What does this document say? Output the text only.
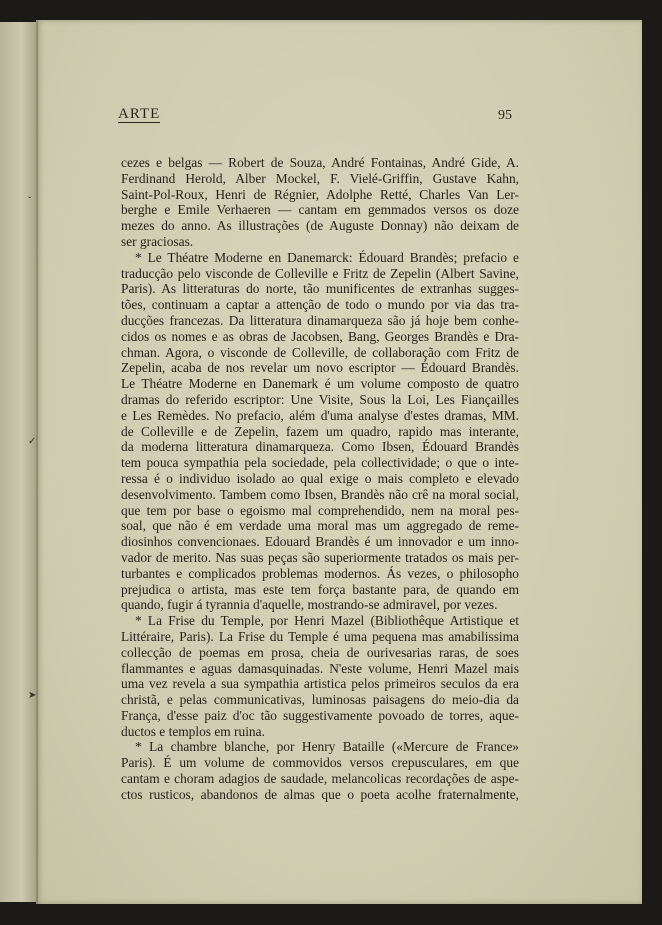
ˇ
✓
➤
ARTE	95
cezes e belgas — Robert de Souza, André Fontainas, André Gide, A.
Ferdinand Herold, Alber Mockel, F. Vielé-Griffin, Gustave Kahn,
Saint-Pol-Roux, Henri de Régnier, Adolphe Retté, Charles Van Ler-
berghe e Emile Verhaeren — cantam em gemmados versos os doze
mezes do anno. As illustrações (de Auguste Donnay) não deixam de
ser graciosas.
* Le Théatre Moderne en Danemarck: Édouard Brandès; prefacio e
traducção pelo visconde de Colleville e Fritz de Zepelin (Albert Savine,
Paris). As litteraturas do norte, tão munificentes de extranhas sugges-
tões, continuam a captar a attenção de todo o mundo por via das tra-
ducções francezas. Da litteratura dinamarqueza são já hoje bem conhe-
cidos os nomes e as obras de Jacobsen, Bang, Georges Brandès e Dra-
chman. Agora, o visconde de Colleville, de collaboração com Fritz de
Zepelin, acaba de nos revelar um novo escriptor — Édouard Brandès.
Le Théatre Moderne en Danemark é um volume composto de quatro
dramas do referido escriptor: Une Visite, Sous la Loi, Les Fiançailles
e Les Remèdes. No prefacio, além d'uma analyse d'estes dramas, MM.
de Colleville e de Zepelin, fazem um quadro, rapido mas interante,
da moderna litteratura dinamarqueza. Como Ibsen, Édouard Brandès
tem pouca sympathia pela sociedade, pela collectividade; o que o inte-
ressa é o individuo isolado ao qual exige o mais completo e elevado
desenvolvimento. Tambem como Ibsen, Brandès não crê na moral social,
que tem por base o egoismo mal comprehendido, nem na moral pes-
soal, que não é em verdade uma moral mas um aggregado de reme-
diosinhos convencionaes. Edouard Brandès é um innovador e um inno-
vador de merito. Nas suas peças são superiormente tratados os mais per-
turbantes e complicados problemas modernos. Ás vezes, o philosopho
prejudica o artista, mas este tem força bastante para, de quando em
quando, fugir á tyrannia d'aquelle, mostrando-se admiravel, por vezes.
* La Frise du Temple, por Henri Mazel (Bibliothêque Artistique et
Littéraire, Paris). La Frise du Temple é uma pequena mas amabilissima
collecção de poemas em prosa, cheia de ourivesarias raras, de soes
flammantes e aguas damasquinadas. N'este volume, Henri Mazel mais
uma vez revela a sua sympathia artistica pelos primeiros seculos da era
christã, e pelas communicativas, luminosas paisagens do meio-dia da
França, d'esse paiz d'oc tão suggestivamente povoado de torres, aque-
ductos e templos em ruina.
* La chambre blanche, por Henry Bataille («Mercure de France»
Paris). É um volume de commovidos versos crepusculares, em que
cantam e choram adagios de saudade, melancolicas recordações de aspe-
ctos rusticos, abandonos de almas que o poeta acolhe fraternalmente,
